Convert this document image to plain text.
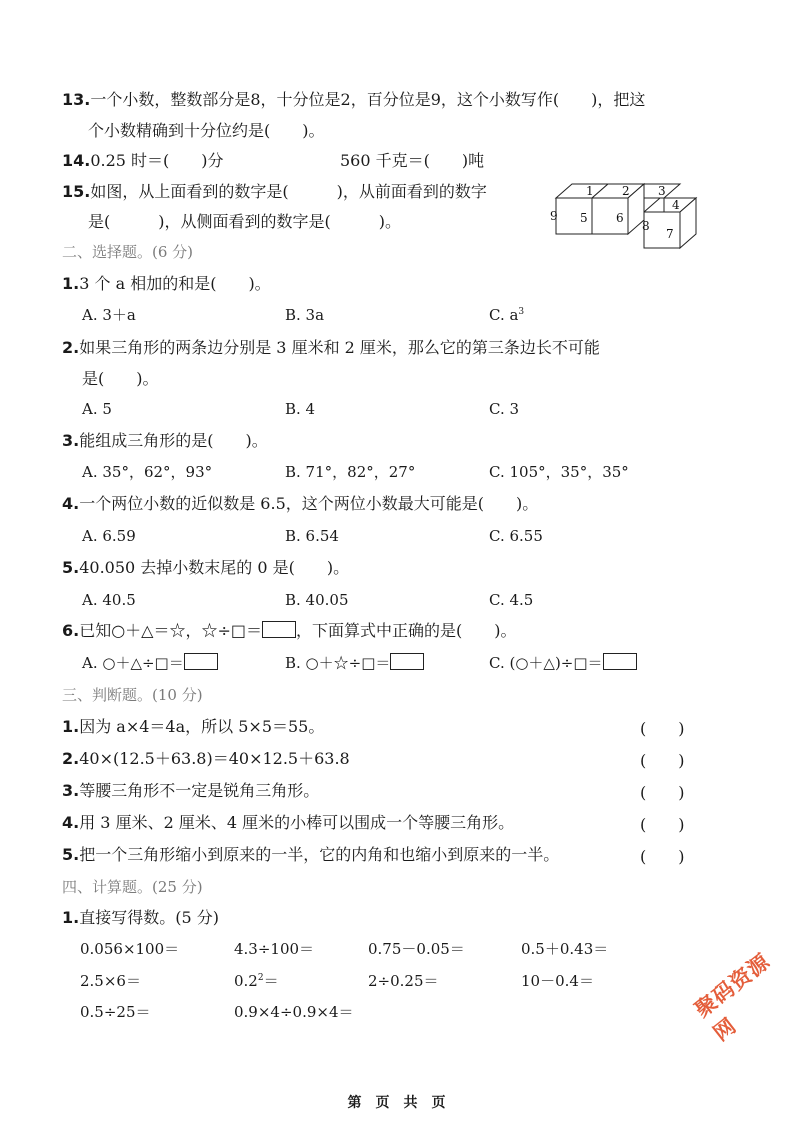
13.一个小数，整数部分是8，十分位是2，百分位是9，这个小数写作(　　)，把这
个小数精确到十分位约是(　　)。
14.0.25 时＝(　　)分	560 千克＝(　　)吨
15.如图，从上面看到的数字是(　　　)，从前面看到的数字
是(　　　)，从侧面看到的数字是(　　　)。
1 2 3
4
9 5 6
8
7
二、选择题。(6 分)
1.3 个 a 相加的和是(　　)。
A. 3＋a	B. 3a	C. $a^3$
2.如果三角形的两条边分别是 3 厘米和 2 厘米，那么它的第三条边长不可能
是(　　)。
A. 5	B. 4	C. 3
3.能组成三角形的是(　　)。
A. 35°，62°，93°	B. 71°，82°，27°	C. 105°，35°，35°
4.一个两位小数的近似数是 6.5，这个两位小数最大可能是(　　)。
A. 6.59	B. 6.54	C. 6.55
5.40.050 去掉小数末尾的 0 是(　　)。
A. 40.5	B. 40.05	C. 4.5
6.已知○＋△＝☆，☆÷□＝ ，下面算式中正确的是(　　)。
A. ○＋△÷□＝	B. ○＋☆÷□＝	C. (○＋△)÷□＝
三、判断题。(10 分)
1.因为 a×4＝4a，所以 5×5＝55。	(　　)
2.40×(12.5＋63.8)＝40×12.5＋63.8	(　　)
3.等腰三角形不一定是锐角三角形。	(　　)
4.用 3 厘米、2 厘米、4 厘米的小棒可以围成一个等腰三角形。	(　　)
5.把一个三角形缩小到原来的一半，它的内角和也缩小到原来的一半。	(　　)
四、计算题。(25 分)
1.直接写得数。(5 分)
0.056×100＝	4.3÷100＝	0.75－0.05＝	0.5＋0.43＝
2.5×6＝	$0.2^2=$	2÷0.25＝	10－0.4＝
0.5÷25＝	0.9×4÷0.9×4＝	聚码资源网
第　页　共　页
